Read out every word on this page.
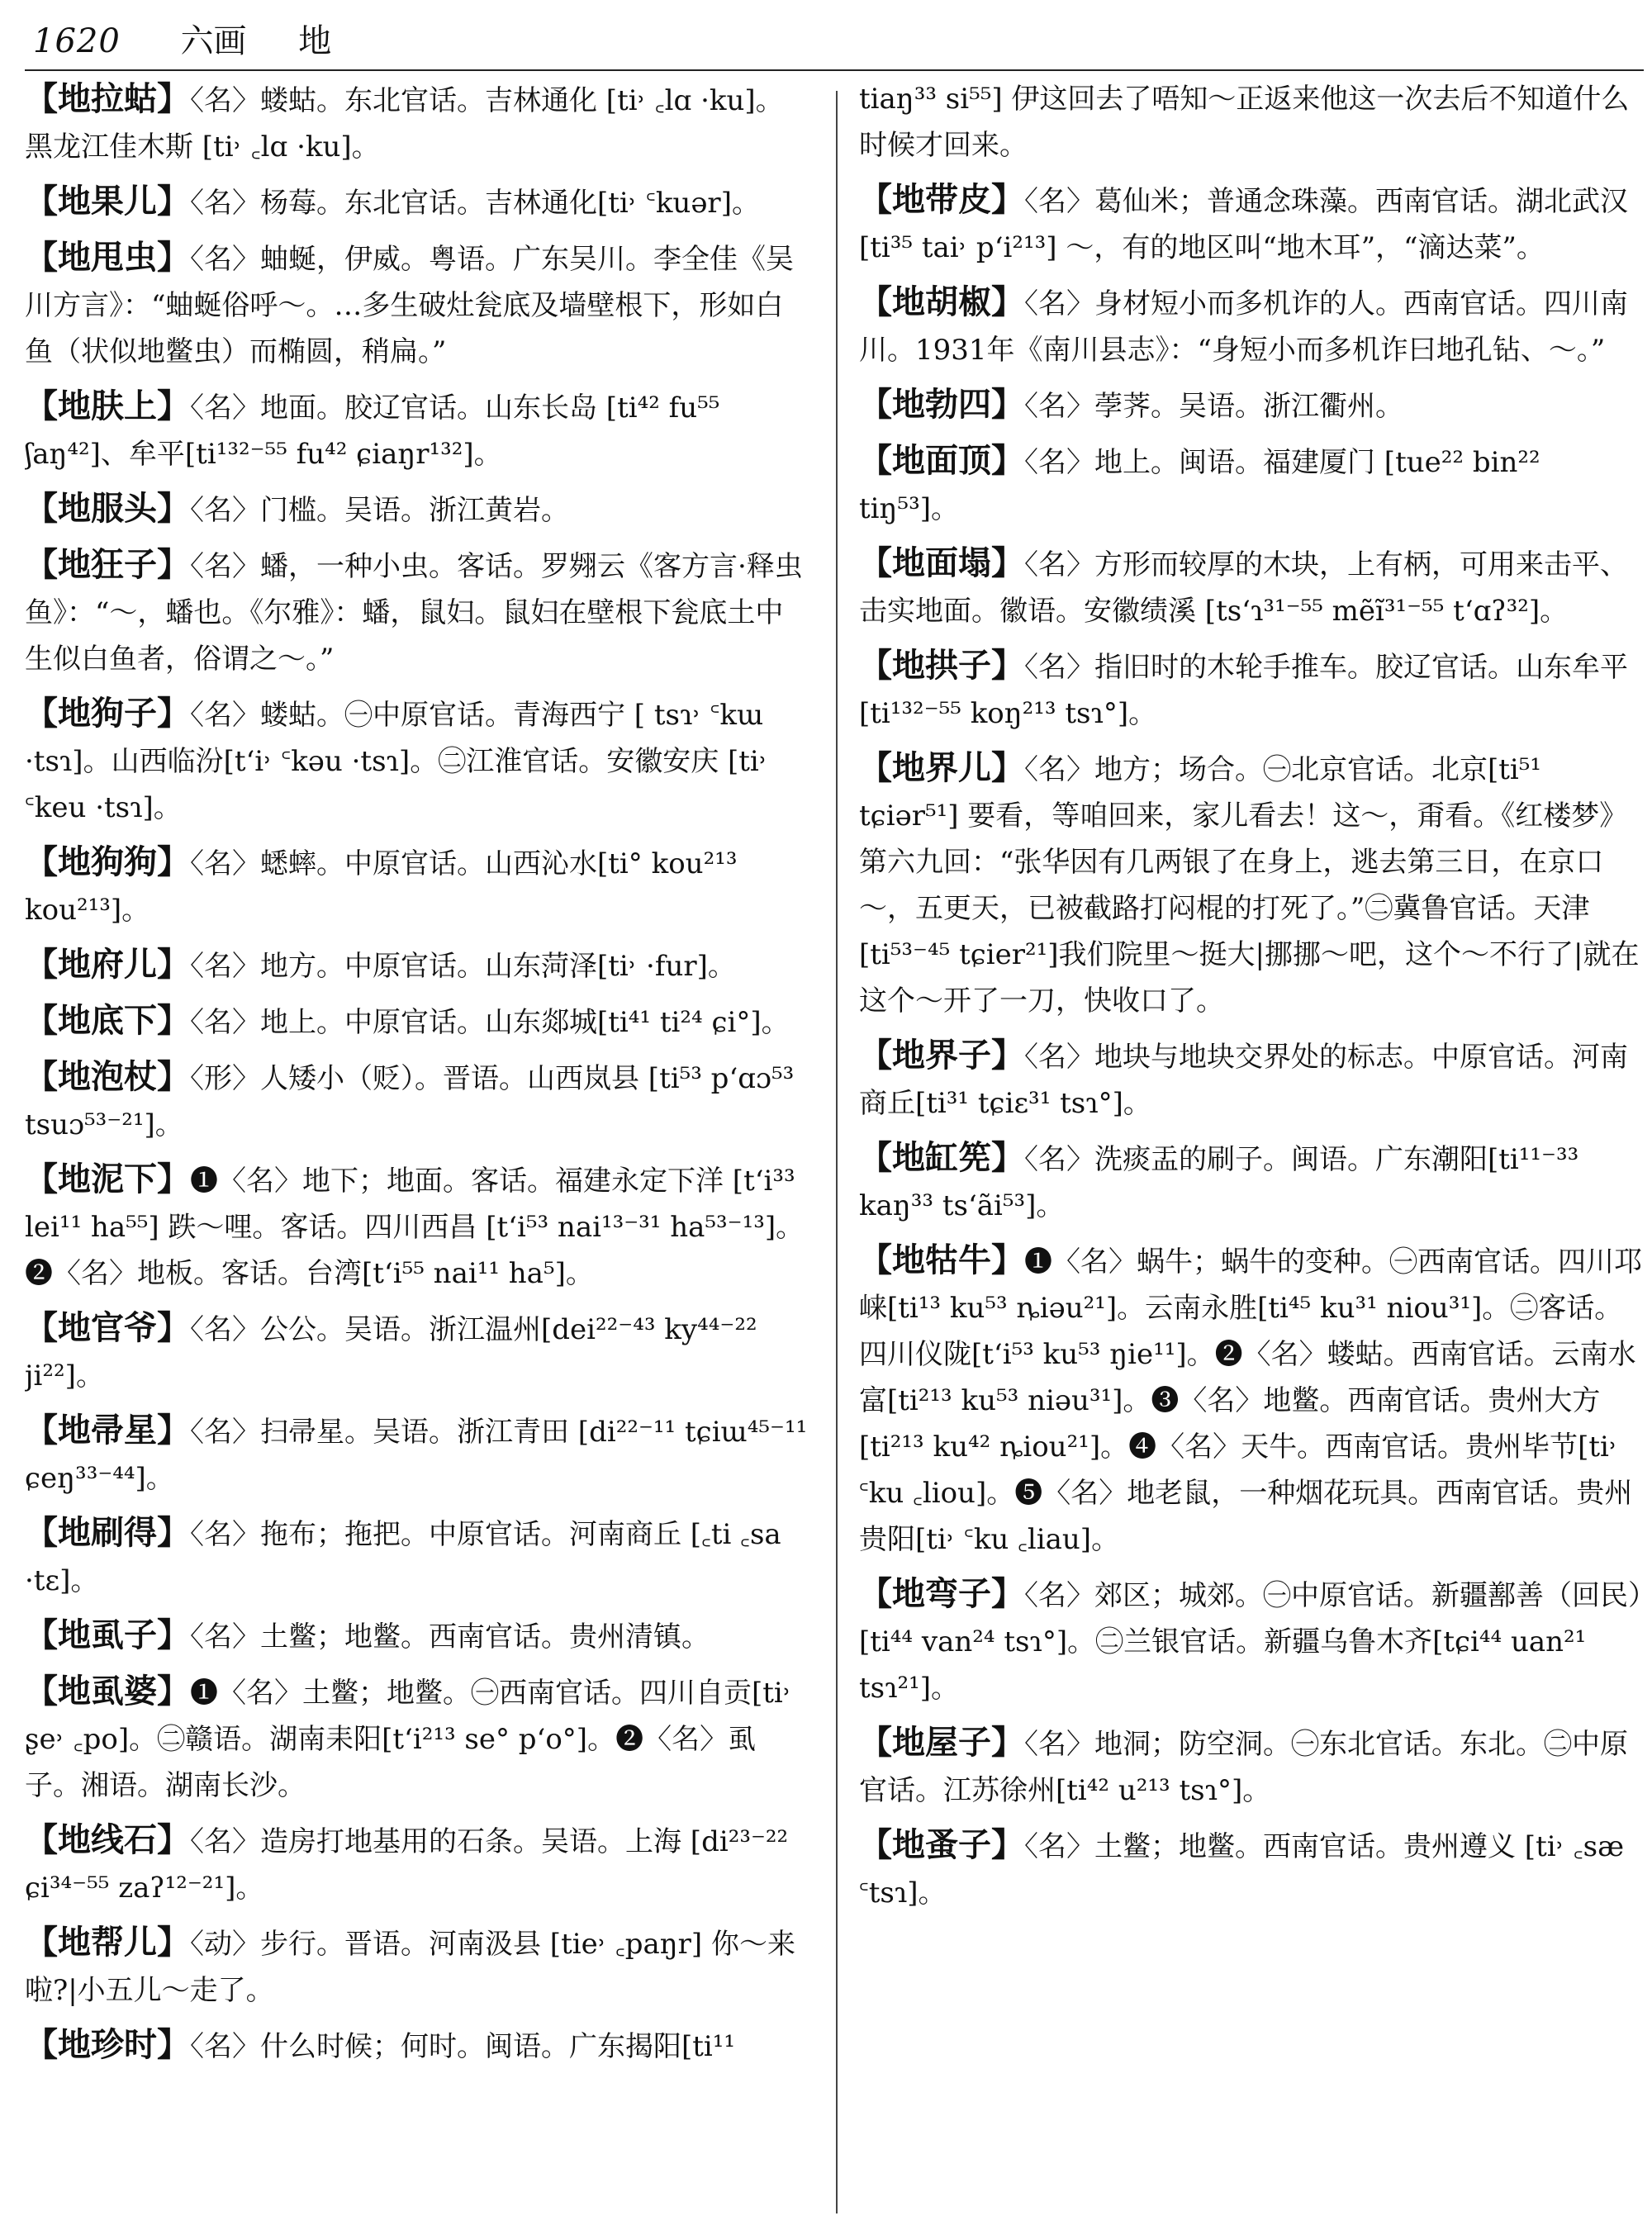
1620 六画 地

【地拉蛄】〈名〉蝼蛄。东北官话。吉林通化 [ti˒ ꜀lɑ ·ku]。黑龙江佳木斯 [ti˒ ꜀lɑ ·ku]。

【地果儿】〈名〉杨莓。东北官话。吉林通化[ti˒ ꜂kuər]。

【地甩虫】〈名〉蚰蜒，伊威。粤语。广东吴川。李全佳《吴川方言》：“蚰蜒俗呼～。…多生破灶瓮底及墙壁根下，形如白鱼（状似地鳖虫）而椭圆，稍扁。”

【地肤上】〈名〉地面。胶辽官话。山东长岛 [ti⁴² fu⁵⁵ ʃaŋ⁴²]、牟平[ti¹³²⁻⁵⁵ fu⁴² ɕiaŋr¹³²]。

【地服头】〈名〉门槛。吴语。浙江黄岩。

【地狂子】〈名〉蟠，一种小虫。客话。罗翙云《客方言·释虫鱼》：“～，蟠也。《尔雅》：蟠，鼠妇。鼠妇在壁根下瓮底土中生似白鱼者，俗谓之～。”

【地狗子】〈名〉蝼蛄。㊀中原官话。青海西宁 [ tsɿ˒ ꜂kɯ ·tsɿ]。山西临汾[t‘i˒ ꜂kəu ·tsɿ]。㊁江淮官话。安徽安庆 [ti˒ ꜂keu ·tsɿ]。

【地狗狗】〈名〉蟋蟀。中原官话。山西沁水[ti° kou²¹³ kou²¹³]。

【地府儿】〈名〉地方。中原官话。山东菏泽[ti˒ ·fur]。

【地底下】〈名〉地上。中原官话。山东郯城[ti⁴¹ ti²⁴ ɕi°]。

【地泡杖】〈形〉人矮小（贬）。晋语。山西岚县 [ti⁵³ p‘ɑɔ⁵³ tsuɔ⁵³⁻²¹]。

【地泥下】❶〈名〉地下；地面。客话。福建永定下洋 [t‘i³³ lei¹¹ ha⁵⁵] 跌～哩。客话。四川西昌 [t‘i⁵³ nai¹³⁻³¹ ha⁵³⁻¹³]。❷〈名〉地板。客话。台湾[t‘i⁵⁵ nai¹¹ ha⁵]。

【地官爷】〈名〉公公。吴语。浙江温州[dei²²⁻⁴³ ky⁴⁴⁻²² ji²²]。

【地帚星】〈名〉扫帚星。吴语。浙江青田 [di²²⁻¹¹ tɕiɯ⁴⁵⁻¹¹ ɕeŋ³³⁻⁴⁴]。

【地刷得】〈名〉拖布；拖把。中原官话。河南商丘 [꜀ti ꜀sa ·tɛ]。

【地虱子】〈名〉土鳖；地鳖。西南官话。贵州清镇。

【地虱婆】❶〈名〉土鳖；地鳖。㊀西南官话。四川自贡[ti˒ ʂe˒ ꜀po]。㊁赣语。湖南耒阳[t‘i²¹³ se° p‘o°]。❷〈名〉虱子。湘语。湖南长沙。

【地线石】〈名〉造房打地基用的石条。吴语。上海 [di²³⁻²² ɕi³⁴⁻⁵⁵ zaʔ¹²⁻²¹]。

【地帮儿】〈动〉步行。晋语。河南汲县 [tie˒ ꜀paŋr] 你～来啦?|小五儿～走了。

【地珍时】〈名〉什么时候；何时。闽语。广东揭阳[ti¹¹

tiaŋ³³ si⁵⁵] 伊这回去了唔知～正返来他这一次去后不知道什么时候才回来。

【地带皮】〈名〉葛仙米；普通念珠藻。西南官话。湖北武汉[ti³⁵ tai˒ p‘i²¹³] ～，有的地区叫“地木耳”，“滴达菜”。

【地胡椒】〈名〉身材短小而多机诈的人。西南官话。四川南川。1931年《南川县志》：“身短小而多机诈曰地孔钻、～。”

【地勃四】〈名〉荸荠。吴语。浙江衢州。

【地面顶】〈名〉地上。闽语。福建厦门 [tue²² bin²² tiŋ⁵³]。

【地面塌】〈名〉方形而较厚的木块，上有柄，可用来击平、击实地面。徽语。安徽绩溪 [ts‘ɿ³¹⁻⁵⁵ mẽĩ³¹⁻⁵⁵ t‘ɑʔ³²]。

【地拱子】〈名〉指旧时的木轮手推车。胶辽官话。山东牟平[ti¹³²⁻⁵⁵ koŋ²¹³ tsɿ°]。

【地界儿】〈名〉地方；场合。㊀北京官话。北京[ti⁵¹ tɕiər⁵¹] 要看，等咱回来，家儿看去！这～，甭看。《红楼梦》第六九回：“张华因有几两银了在身上，逃去第三日，在京口～，五更天，已被截路打闷棍的打死了。”㊁冀鲁官话。天津[ti⁵³⁻⁴⁵ tɕier²¹]我们院里～挺大|挪挪～吧，这个～不行了|就在这个～开了一刀，快收口了。

【地界子】〈名〉地块与地块交界处的标志。中原官话。河南商丘[ti³¹ tɕiɛ³¹ tsɿ°]。

【地缸筅】〈名〉洗痰盂的刷子。闽语。广东潮阳[ti¹¹⁻³³ kaŋ³³ ts‘ãi⁵³]。

【地牯牛】❶〈名〉蜗牛；蜗牛的变种。㊀西南官话。四川邛崃[ti¹³ ku⁵³ ȵiəu²¹]。云南永胜[ti⁴⁵ ku³¹ niou³¹]。㊁客话。四川仪陇[t‘i⁵³ ku⁵³ ŋie¹¹]。❷〈名〉蝼蛄。西南官话。云南水富[ti²¹³ ku⁵³ niəu³¹]。❸〈名〉地鳖。西南官话。贵州大方[ti²¹³ ku⁴² ȵiou²¹]。❹〈名〉天牛。西南官话。贵州毕节[ti˒ ꜂ku ꜀liou]。❺〈名〉地老鼠，一种烟花玩具。西南官话。贵州贵阳[ti˒ ꜂ku ꜀liau]。

【地弯子】〈名〉郊区；城郊。㊀中原官话。新疆鄯善（回民）[ti⁴⁴ van²⁴ tsɿ°]。㊁兰银官话。新疆乌鲁木齐[tɕi⁴⁴ uan²¹ tsɿ²¹]。

【地屋子】〈名〉地洞；防空洞。㊀东北官话。东北。㊁中原官话。江苏徐州[ti⁴² u²¹³ tsɿ°]。

【地蚤子】〈名〉土鳖；地鳖。西南官话。贵州遵义 [ti˒ ꜀sæ ꜂tsɿ]。
